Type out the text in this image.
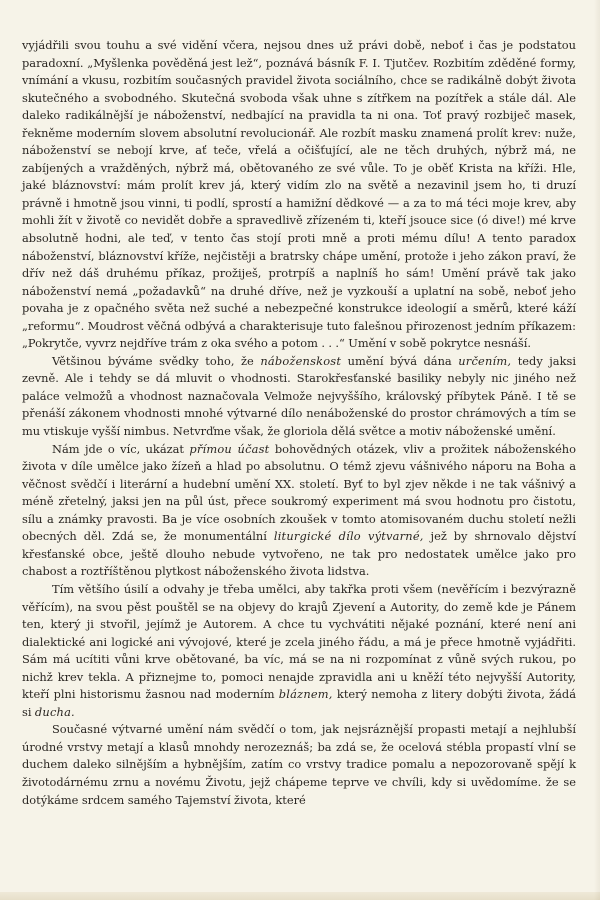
vyjádřili svou touhu a své vidění včera, nejsou dnes už právi době, neboť i čas je podstatou paradoxní. „Myšlenka pověděná jest lež“, poznává básník F. I. Tjutčev. Rozbitím zděděné formy, vnímání a vkusu, rozbitím současných pravidel života sociálního, chce se radikálně dobýt života skutečného a svobodného. Skutečná svoboda však uhne s zítřkem na pozítřek a stále dál. Ale daleko radikálnější je náboženství, nedbající na pravidla ta ni ona. Toť pravý rozbiječ masek, řekněme moderním slovem absolutní revolucionář. Ale rozbít masku znamená prolít krev: nuže, náboženství se nebojí krve, ať teče, vřelá a očišťující, ale ne těch druhých, nýbrž má, ne zabíjených a vražděných, nýbrž má, obětovaného ze své vůle. To je oběť Krista na kříži. Hle, jaké bláznovství: mám prolít krev já, který vidím zlo na světě a nezavinil jsem ho, ti druzí právně i hmotně jsou vinni, ti podlí, sprostí a hamižní dědkové — a za to má téci moje krev, aby mohli žít v životě co nevidět dobře a spravedlivě zřízeném ti, kteří jsouce sice (ó dive!) mé krve absolutně hodni, ale teď, v tento čas stojí proti mně a proti mému dílu! A tento paradox náboženství, bláznovství kříže, nejčistěji a bratrsky chápe umění, protože i jeho zákon praví, že dřív než dáš druhému příkaz, prožiješ, protrpíš a naplníš ho sám! Umění právě tak jako náboženství nemá „požadavků“ na druhé dříve, než je vyzkouší a uplatní na sobě, neboť jeho povaha je z opačného světa než suché a nebezpečné konstrukce ideologií a směrů, které káží „reformu“. Moudrost věčná odbývá a charakterisuje tuto falešnou přirozenost jedním příkazem: „Pokrytče, vyvrz nejdříve trám z oka svého a potom . . .“ Umění v sobě pokrytce nesnáší.

Většinou býváme svědky toho, že náboženskost umění bývá dána určením, tedy jaksi zevně. Ale i tehdy se dá mluvit o vhodnosti. Starokřesťanské basiliky nebyly nic jiného než paláce velmožů a vhodnost naznačovala Velmože nejvyššího, královský příbytek Páně. I tě se přenáší zákonem vhodnosti mnohé výtvarné dílo nenáboženské do prostor chrámových a tím se mu vtiskuje vyšší nimbus. Netvrďme však, že gloriola dělá světce a motiv náboženské umění.

Nám jde o víc, ukázat přímou účast bohovědných otázek, vliv a prožitek náboženského života v díle umělce jako žízeň a hlad po absolutnu. O témž zjevu vášnivého náporu na Boha a věčnost svědčí i literární a hudební umění XX. století. Byť to byl zjev někde i ne tak vášnivý a méně zřetelný, jaksi jen na půl úst, přece soukromý experiment má svou hodnotu pro čistotu, sílu a známky pravosti. Ba je více osobních zkoušek v tomto atomisovaném duchu století nežli obecných děl. Zdá se, že monumentální liturgické dílo výtvarné, jež by shrnovalo dějství křesťanské obce, ještě dlouho nebude vytvořeno, ne tak pro nedostatek umělce jako pro chabost a roztříštěnou plytkost náboženského života lidstva.

Tím většího úsilí a odvahy je třeba umělci, aby takřka proti všem (nevěřícím i bezvýrazně věřícím), na svou pěst pouštěl se na objevy do krajů Zjevení a Autority, do země kde je Pánem ten, který ji stvořil, jejímž je Autorem. A chce tu vychvátiti nějaké poznání, které není ani dialektické ani logické ani vývojové, které je zcela jiného řádu, a má je přece hmotně vyjádřiti. Sám má ucítiti vůni krve obětované, ba víc, má se na ni rozpomínat z vůně svých rukou, po nichž krev tekla. A přiznejme to, pomoci nenajde zpravidla ani u kněží této nejvyšší Autority, kteří plni historismu žasnou nad moderním bláznem, který nemoha z litery dobýti života, žádá si ducha.

Současné výtvarné umění nám svědčí o tom, jak nejsráznější propasti metají a nejhlubší úrodné vrstvy metají a klasů mnohdy nerozeznáš; ba zdá se, že ocelová stébla propastí vlní se duchem daleko silnějším a hybnějším, zatím co vrstvy tradice pomalu a nepozorovaně spějí k životodárnému zrnu a novému Životu, jejž chápeme teprve ve chvíli, kdy si uvědomíme. že se dotýkáme srdcem samého Tajemství života, které
